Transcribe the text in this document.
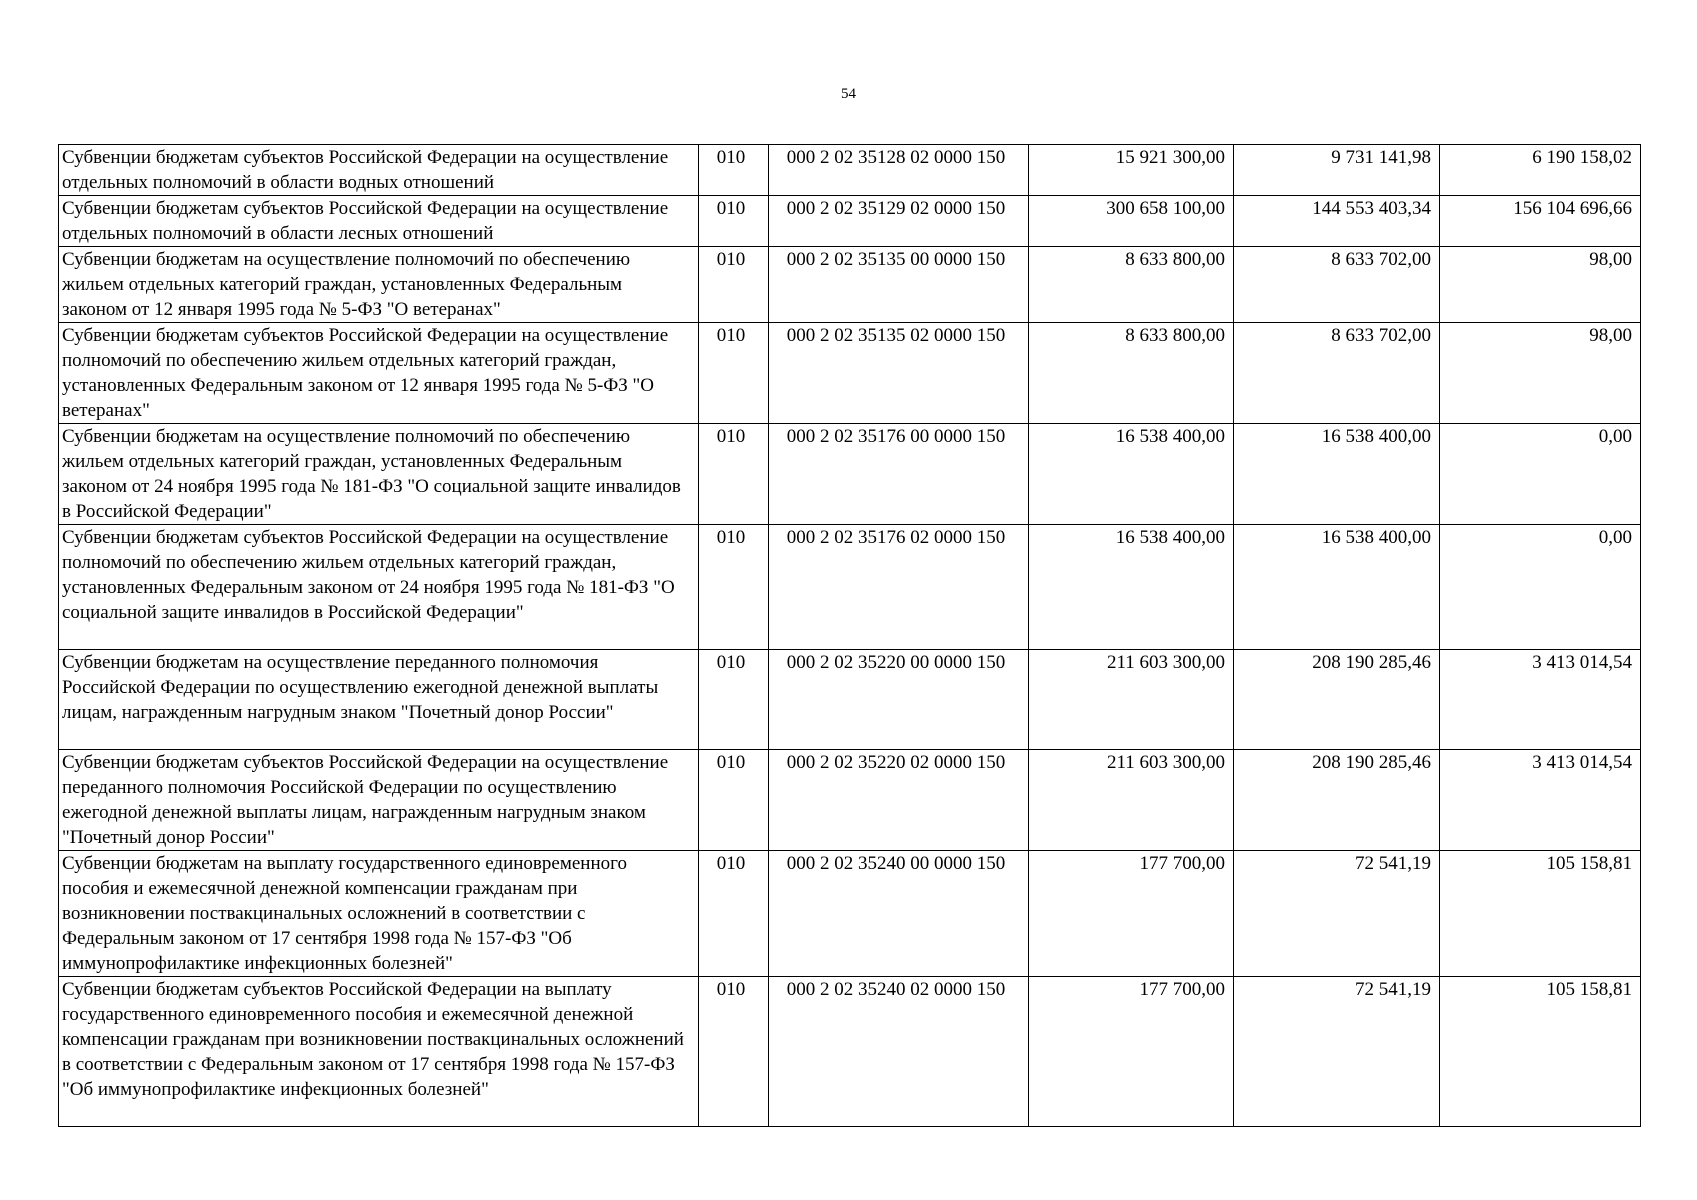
54
Субвенции бюджетам субъектов Российской Федерации на осуществление отдельных полномочий в области водных отношений	010	000 2 02 35128 02 0000 150	15 921 300,00	9 731 141,98	6 190 158,02
Субвенции бюджетам субъектов Российской Федерации на осуществление отдельных полномочий в области лесных отношений	010	000 2 02 35129 02 0000 150	300 658 100,00	144 553 403,34	156 104 696,66
Субвенции бюджетам на осуществление полномочий по обеспечению жильем отдельных категорий граждан, установленных Федеральным законом от 12 января 1995 года № 5-ФЗ "О ветеранах"	010	000 2 02 35135 00 0000 150	8 633 800,00	8 633 702,00	98,00
Субвенции бюджетам субъектов Российской Федерации на осуществление полномочий по обеспечению жильем отдельных категорий граждан, установленных Федеральным законом от 12 января 1995 года № 5-ФЗ "О ветеранах"	010	000 2 02 35135 02 0000 150	8 633 800,00	8 633 702,00	98,00
Субвенции бюджетам на осуществление полномочий по обеспечению жильем отдельных категорий граждан, установленных Федеральным законом от 24 ноября 1995 года № 181-ФЗ "О социальной защите инвалидов в Российской Федерации"	010	000 2 02 35176 00 0000 150	16 538 400,00	16 538 400,00	0,00
Субвенции бюджетам субъектов Российской Федерации на осуществление полномочий по обеспечению жильем отдельных категорий граждан, установленных Федеральным законом от 24 ноября 1995 года № 181-ФЗ "О социальной защите инвалидов в Российской Федерации"	010	000 2 02 35176 02 0000 150	16 538 400,00	16 538 400,00	0,00
Субвенции бюджетам на осуществление переданного полномочия Российской Федерации по осуществлению ежегодной денежной выплаты лицам, награжденным нагрудным знаком "Почетный донор России"	010	000 2 02 35220 00 0000 150	211 603 300,00	208 190 285,46	3 413 014,54
Субвенции бюджетам субъектов Российской Федерации на осуществление переданного полномочия Российской Федерации по осуществлению ежегодной денежной выплаты лицам, награжденным нагрудным знаком "Почетный донор России"	010	000 2 02 35220 02 0000 150	211 603 300,00	208 190 285,46	3 413 014,54
Субвенции бюджетам на выплату государственного единовременного пособия и ежемесячной денежной компенсации гражданам при возникновении поствакцинальных осложнений в соответствии с Федеральным законом от 17 сентября 1998 года № 157-ФЗ "Об иммунопрофилактике инфекционных болезней"	010	000 2 02 35240 00 0000 150	177 700,00	72 541,19	105 158,81
Субвенции бюджетам субъектов Российской Федерации на выплату государственного единовременного пособия и ежемесячной денежной компенсации гражданам при возникновении поствакцинальных осложнений в соответствии с Федеральным законом от 17 сентября 1998 года № 157-ФЗ "Об иммунопрофилактике инфекционных болезней"	010	000 2 02 35240 02 0000 150	177 700,00	72 541,19	105 158,81
